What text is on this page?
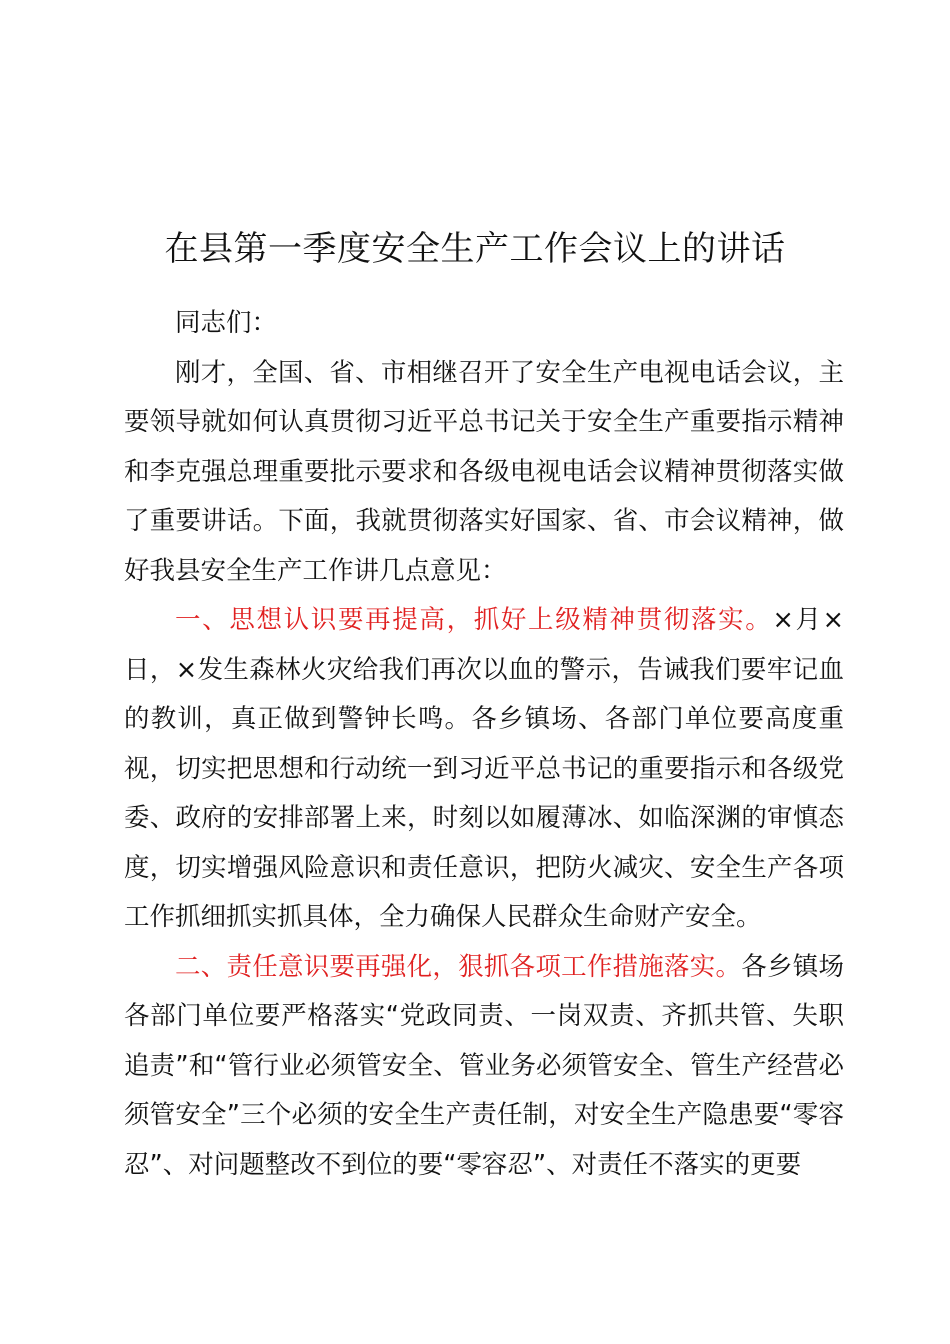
在县第一季度安全生产工作会议上的讲话

同志们：

刚才，全国、省、市相继召开了安全生产电视电话会议，主要领导就如何认真贯彻习近平总书记关于安全生产重要指示精神和李克强总理重要批示要求和各级电视电话会议精神贯彻落实做了重要讲话。下面，我就贯彻落实好国家、省、市会议精神，做好我县安全生产工作讲几点意见：

一、思想认识要再提高，抓好上级精神贯彻落实。×月×日，×发生森林火灾给我们再次以血的警示，告诫我们要牢记血的教训，真正做到警钟长鸣。各乡镇场、各部门单位要高度重视，切实把思想和行动统一到习近平总书记的重要指示和各级党委、政府的安排部署上来，时刻以如履薄冰、如临深渊的审慎态度，切实增强风险意识和责任意识，把防火减灾、安全生产各项工作抓细抓实抓具体，全力确保人民群众生命财产安全。

二、责任意识要再强化，狠抓各项工作措施落实。各乡镇场各部门单位要严格落实“党政同责、一岗双责、齐抓共管、失职追责”和“管行业必须管安全、管业务必须管安全、管生产经营必须管安全”三个必须的安全生产责任制，对安全生产隐患要“零容忍”、对问题整改不到位的要“零容忍”、对责任不落实的更要
